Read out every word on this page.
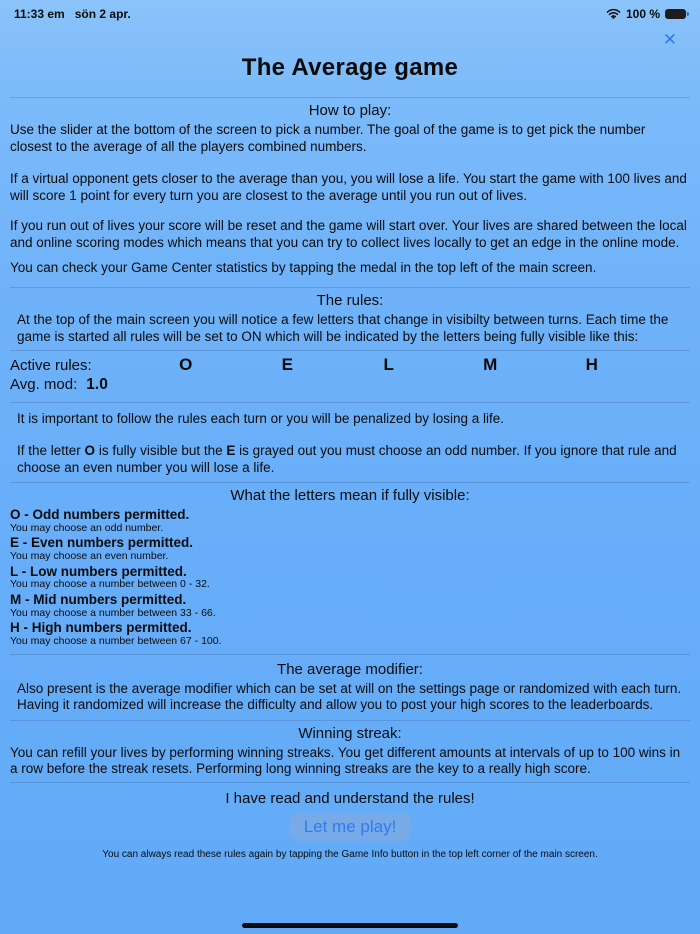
11:33 em sön 2 apr.	100 %
✕
The Average game
How to play:

Use the slider at the bottom of the screen to pick a number. The goal of the game is to get pick the number closest to the average of all the players combined numbers.

If a virtual opponent gets closer to the average than you, you will lose a life. You start the game with 100 lives and will score 1 point for every turn you are closest to the average until you run out of lives.

If you run out of lives your score will be reset and the game will start over. Your lives are shared between the local and online scoring modes which means that you can try to collect lives locally to get an edge in the online mode.

You can check your Game Center statistics by tapping the medal in the top left of the main screen.

The rules:

At the top of the main screen you will notice a few letters that change in visibilty between turns. Each time the game is started all rules will be set to ON which will be indicated by the letters being fully visible like this:

Active rules:	O	E	L	M	H
Avg. mod: 1.0

It is important to follow the rules each turn or you will be penalized by losing a life.

If the letter O is fully visible but the E is grayed out you must choose an odd number. If you ignore that rule and choose an even number you will lose a life.

What the letters mean if fully visible:
O - Odd numbers permitted.
You may choose an odd number.
E - Even numbers permitted.
You may choose an even number.
L - Low numbers permitted.
You may choose a number between 0 - 32.
M - Mid numbers permitted.
You may choose a number between 33 - 66.
H - High numbers permitted.
You may choose a number between 67 - 100.
The average modifier:

Also present is the average modifier which can be set at will on the settings page or randomized with each turn. Having it randomized will increase the difficulty and allow you to post your high scores to the leaderboards.

Winning streak:

You can refill your lives by performing winning streaks. You get different amounts at intervals of up to 100 wins in a row before the streak resets. Performing long winning streaks are the key to a really high score.

I have read and understand the rules!
Let me play!
You can always read these rules again by tapping the Game Info button in the top left corner of the main screen.
